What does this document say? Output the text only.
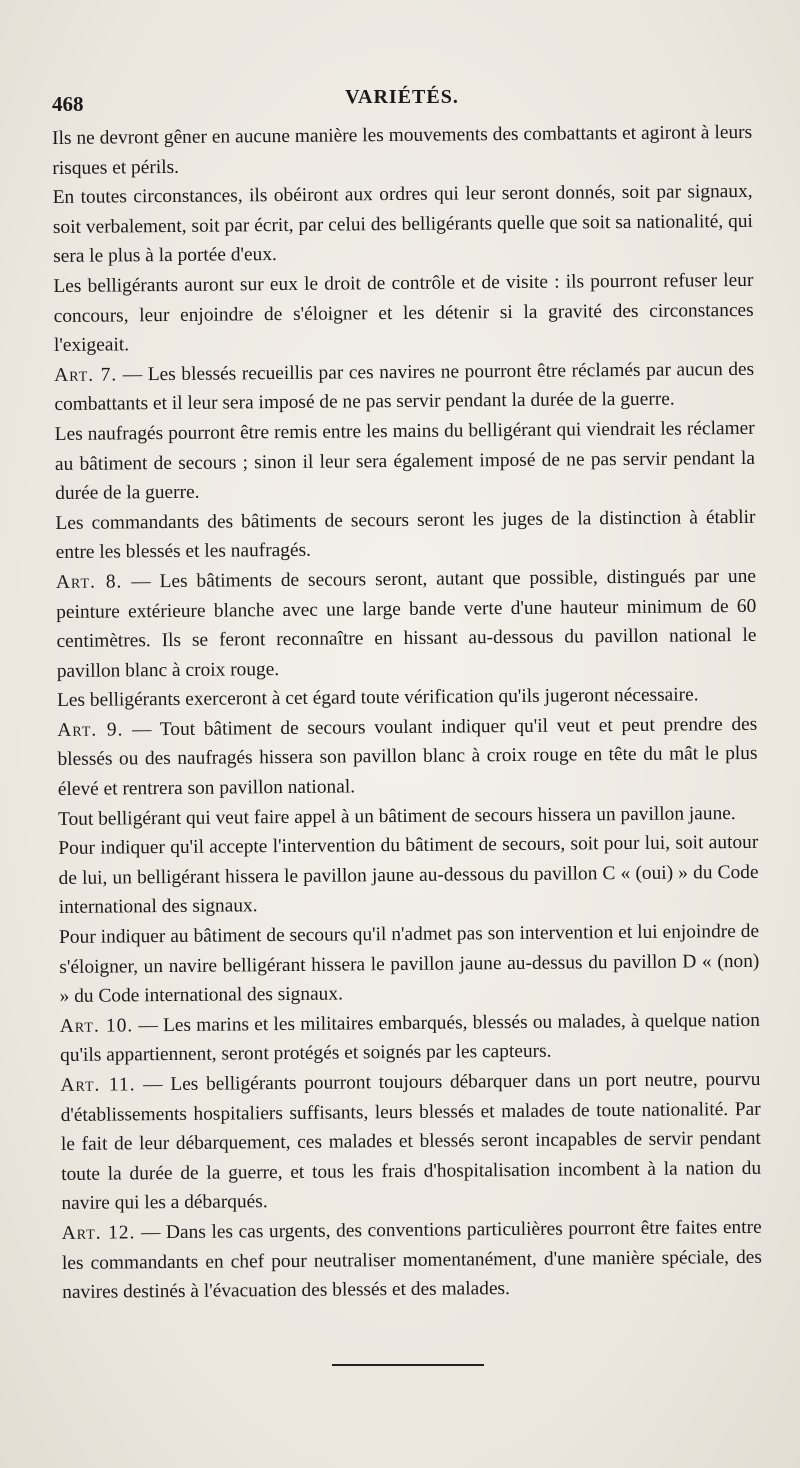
468	VARIÉTÉS.

Ils ne devront gêner en aucune manière les mouvements des combattants et agiront à leurs risques et périls.

En toutes circonstances, ils obéiront aux ordres qui leur seront donnés, soit par signaux, soit verbalement, soit par écrit, par celui des belligérants quelle que soit sa nationalité, qui sera le plus à la portée d'eux.

Les belligérants auront sur eux le droit de contrôle et de visite : ils pourront refuser leur concours, leur enjoindre de s'éloigner et les détenir si la gravité des circonstances l'exigeait.

Art. 7. — Les blessés recueillis par ces navires ne pourront être réclamés par aucun des combattants et il leur sera imposé de ne pas servir pendant la durée de la guerre.

Les naufragés pourront être remis entre les mains du belligérant qui viendrait les réclamer au bâtiment de secours ; sinon il leur sera également imposé de ne pas servir pendant la durée de la guerre.

Les commandants des bâtiments de secours seront les juges de la distinction à établir entre les blessés et les naufragés.

Art. 8. — Les bâtiments de secours seront, autant que possible, distingués par une peinture extérieure blanche avec une large bande verte d'une hauteur minimum de 60 centimètres. Ils se feront reconnaître en hissant au-dessous du pavillon national le pavillon blanc à croix rouge.

Les belligérants exerceront à cet égard toute vérification qu'ils jugeront nécessaire.

Art. 9. — Tout bâtiment de secours voulant indiquer qu'il veut et peut prendre des blessés ou des naufragés hissera son pavillon blanc à croix rouge en tête du mât le plus élevé et rentrera son pavillon national.

Tout belligérant qui veut faire appel à un bâtiment de secours hissera un pavillon jaune.

Pour indiquer qu'il accepte l'intervention du bâtiment de secours, soit pour lui, soit autour de lui, un belligérant hissera le pavillon jaune au-dessous du pavillon C « (oui) » du Code international des signaux.

Pour indiquer au bâtiment de secours qu'il n'admet pas son intervention et lui enjoindre de s'éloigner, un navire belligérant hissera le pavillon jaune au-dessus du pavillon D « (non) » du Code international des signaux.

Art. 10. — Les marins et les militaires embarqués, blessés ou malades, à quelque nation qu'ils appartiennent, seront protégés et soignés par les capteurs.

Art. 11. — Les belligérants pourront toujours débarquer dans un port neutre, pourvu d'établissements hospitaliers suffisants, leurs blessés et malades de toute nationalité. Par le fait de leur débarquement, ces malades et blessés seront incapables de servir pendant toute la durée de la guerre, et tous les frais d'hospitalisation incombent à la nation du navire qui les a débarqués.

Art. 12. — Dans les cas urgents, des conventions particulières pourront être faites entre les commandants en chef pour neutraliser momentanément, d'une manière spéciale, des navires destinés à l'évacuation des blessés et des malades.
